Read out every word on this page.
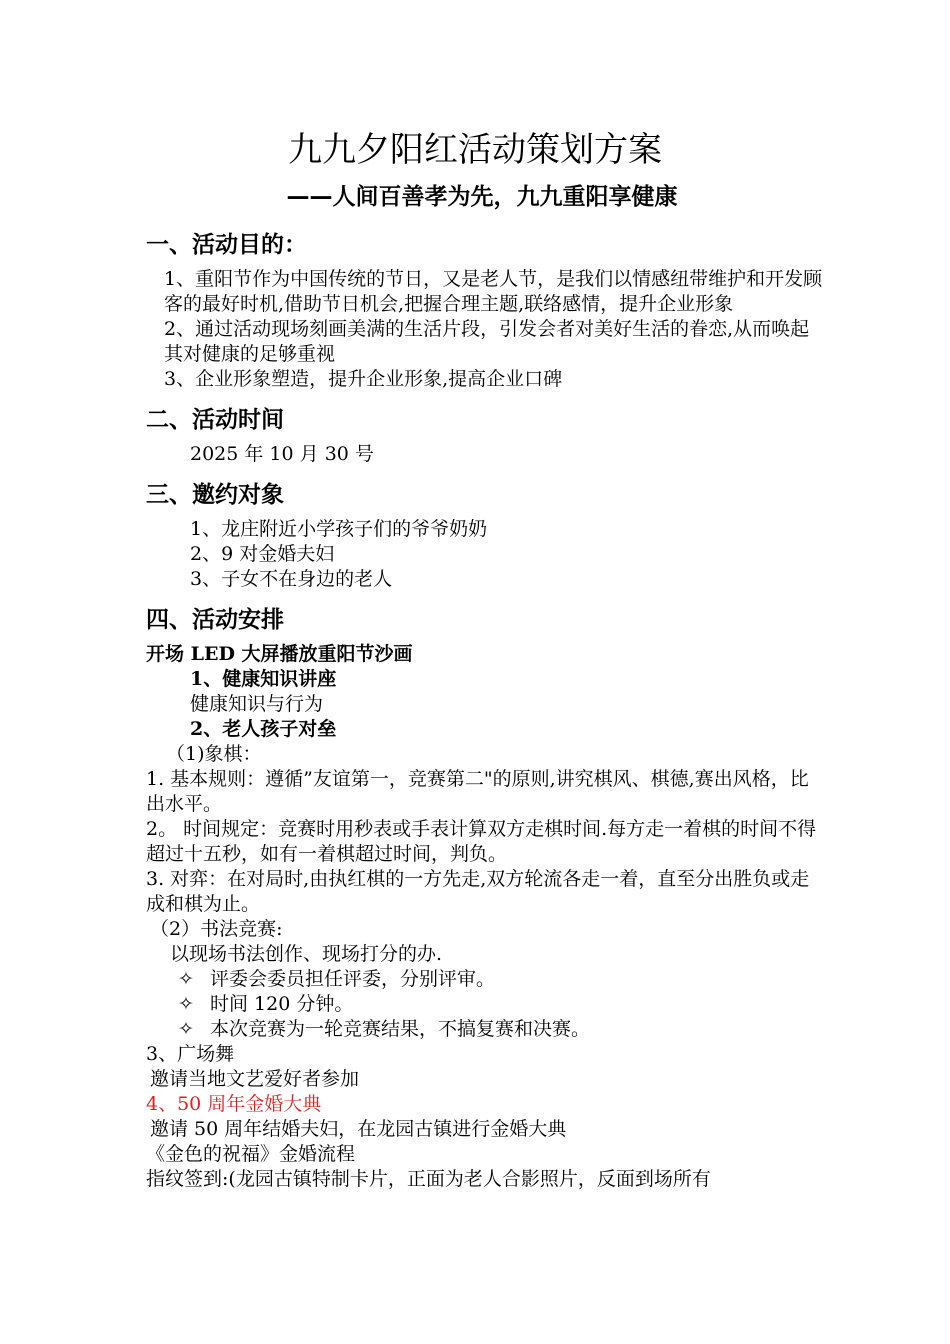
九九夕阳红活动策划方案
——人间百善孝为先，九九重阳享健康
一、活动目的：
1、重阳节作为中国传统的节日，又是老人节，是我们以情感纽带维护和开发顾客的最好时机,借助节日机会,把握合理主题,联络感情，提升企业形象
2、通过活动现场刻画美满的生活片段，引发会者对美好生活的眷恋,从而唤起其对健康的足够重视
3、企业形象塑造，提升企业形象,提高企业口碑
二、活动时间
2025 年 10 月 30 号
三、邀约对象
1、龙庄附近小学孩子们的爷爷奶奶
2、9 对金婚夫妇
3、子女不在身边的老人
四、活动安排
开场 LED 大屏播放重阳节沙画
1、健康知识讲座
健康知识与行为
2、老人孩子对垒
（1)象棋：
1. 基本规则：遵循”友谊第一，竞赛第二"的原则,讲究棋风、棋德,赛出风格，比出水平。
2。 时间规定：竞赛时用秒表或手表计算双方走棋时间.每方走一着棋的时间不得超过十五秒，如有一着棋超过时间，判负。
3. 对弈：在对局时,由执红棋的一方先走,双方轮流各走一着，直至分出胜负或走成和棋为止。
（2）书法竞赛:
以现场书法创作、现场打分的办.
✧ 评委会委员担任评委，分别评审。
✧ 时间 120 分钟。
✧ 本次竞赛为一轮竞赛结果，不搞复赛和决赛。
3、广场舞
邀请当地文艺爱好者参加
4、50 周年金婚大典
邀请 50 周年结婚夫妇，在龙园古镇进行金婚大典
《金色的祝福》金婚流程
指纹签到:(龙园古镇特制卡片，正面为老人合影照片，反面到场所有
